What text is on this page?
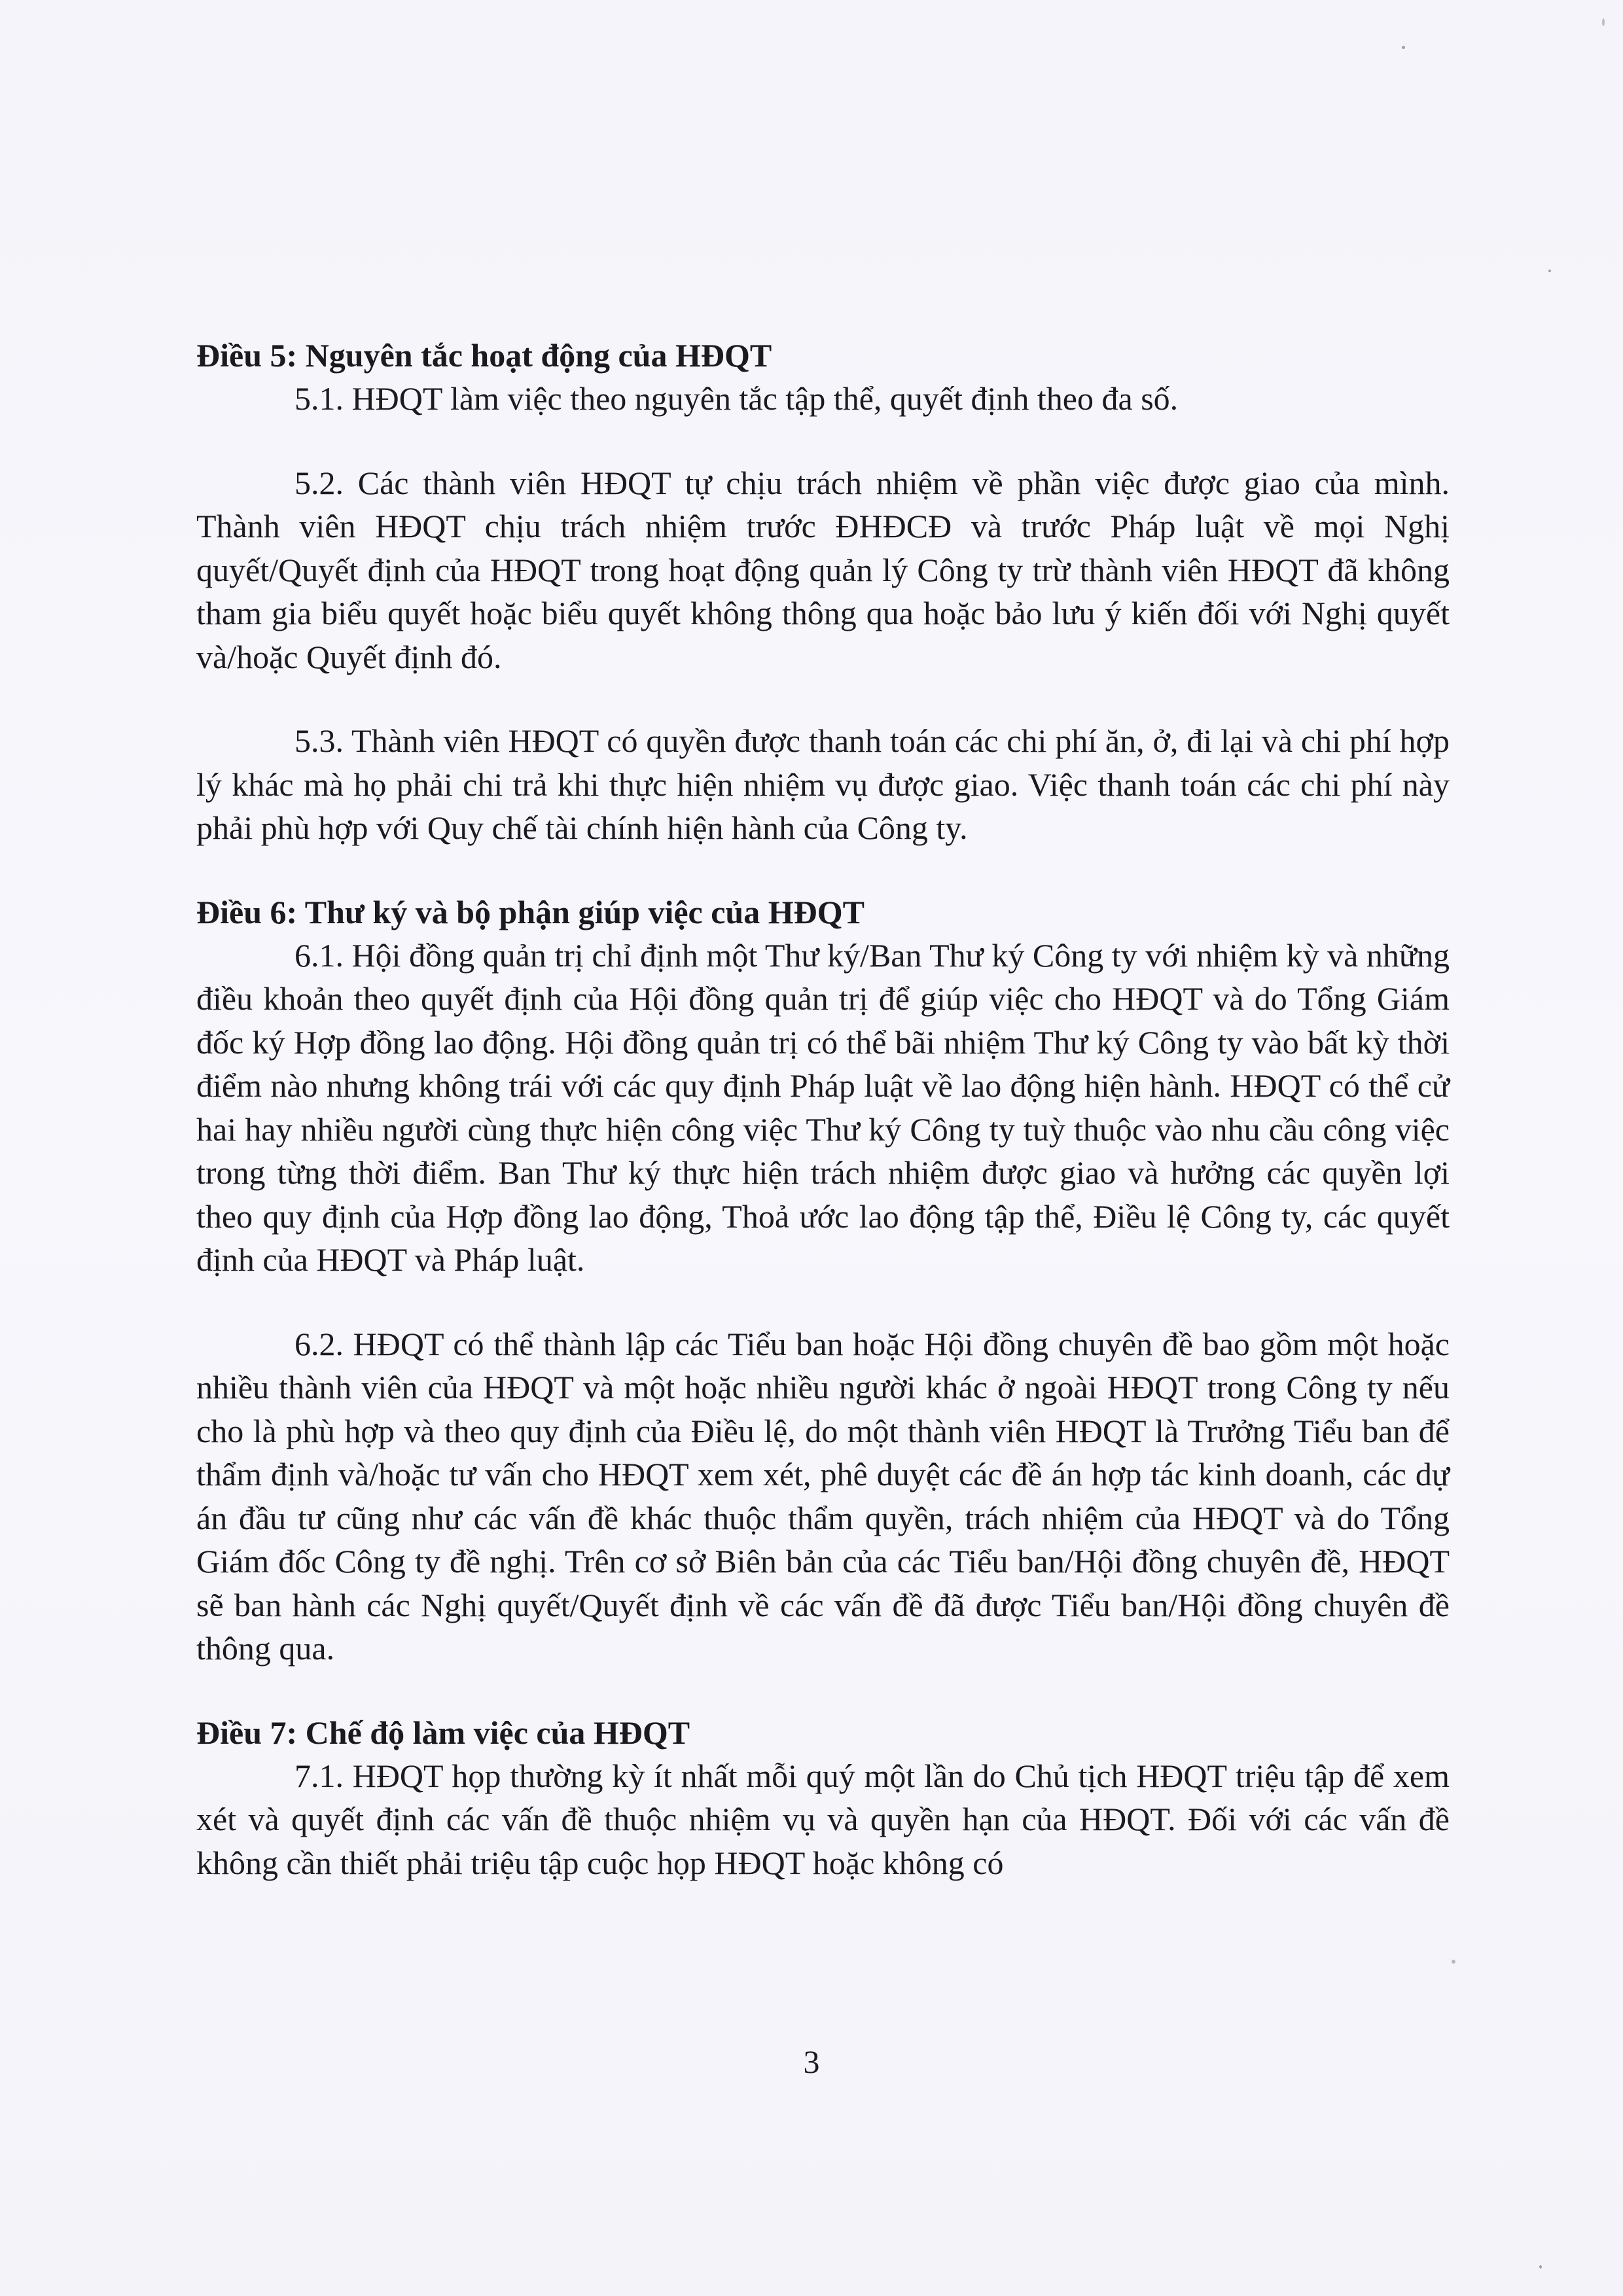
Điều 5: Nguyên tắc hoạt động của HĐQT

5.1. HĐQT làm việc theo nguyên tắc tập thể, quyết định theo đa số.

5.2. Các thành viên HĐQT tự chịu trách nhiệm về phần việc được giao của mình. Thành viên HĐQT chịu trách nhiệm trước ĐHĐCĐ và trước Pháp luật về mọi Nghị quyết/Quyết định của HĐQT trong hoạt động quản lý Công ty trừ thành viên HĐQT đã không tham gia biểu quyết hoặc biểu quyết không thông qua hoặc bảo lưu ý kiến đối với Nghị quyết và/hoặc Quyết định đó.

5.3. Thành viên HĐQT có quyền được thanh toán các chi phí ăn, ở, đi lại và chi phí hợp lý khác mà họ phải chi trả khi thực hiện nhiệm vụ được giao. Việc thanh toán các chi phí này phải phù hợp với Quy chế tài chính hiện hành của Công ty.

Điều 6: Thư ký và bộ phận giúp việc của HĐQT

6.1. Hội đồng quản trị chỉ định một Thư ký/Ban Thư ký Công ty với nhiệm kỳ và những điều khoản theo quyết định của Hội đồng quản trị để giúp việc cho HĐQT và do Tổng Giám đốc ký Hợp đồng lao động. Hội đồng quản trị có thể bãi nhiệm Thư ký Công ty vào bất kỳ thời điểm nào nhưng không trái với các quy định Pháp luật về lao động hiện hành. HĐQT có thể cử hai hay nhiều người cùng thực hiện công việc Thư ký Công ty tuỳ thuộc vào nhu cầu công việc trong từng thời điểm. Ban Thư ký thực hiện trách nhiệm được giao và hưởng các quyền lợi theo quy định của Hợp đồng lao động, Thoả ước lao động tập thể, Điều lệ Công ty, các quyết định của HĐQT và Pháp luật.

6.2. HĐQT có thể thành lập các Tiểu ban hoặc Hội đồng chuyên đề bao gồm một hoặc nhiều thành viên của HĐQT và một hoặc nhiều người khác ở ngoài HĐQT trong Công ty nếu cho là phù hợp và theo quy định của Điều lệ, do một thành viên HĐQT là Trưởng Tiểu ban để thẩm định và/hoặc tư vấn cho HĐQT xem xét, phê duyệt các đề án hợp tác kinh doanh, các dự án đầu tư cũng như các vấn đề khác thuộc thẩm quyền, trách nhiệm của HĐQT và do Tổng Giám đốc Công ty đề nghị. Trên cơ sở Biên bản của các Tiểu ban/Hội đồng chuyên đề, HĐQT sẽ ban hành các Nghị quyết/Quyết định về các vấn đề đã được Tiểu ban/Hội đồng chuyên đề thông qua.

Điều 7: Chế độ làm việc của HĐQT

7.1. HĐQT họp thường kỳ ít nhất mỗi quý một lần do Chủ tịch HĐQT triệu tập để xem xét và quyết định các vấn đề thuộc nhiệm vụ và quyền hạn của HĐQT. Đối với các vấn đề không cần thiết phải triệu tập cuộc họp HĐQT hoặc không có

3
